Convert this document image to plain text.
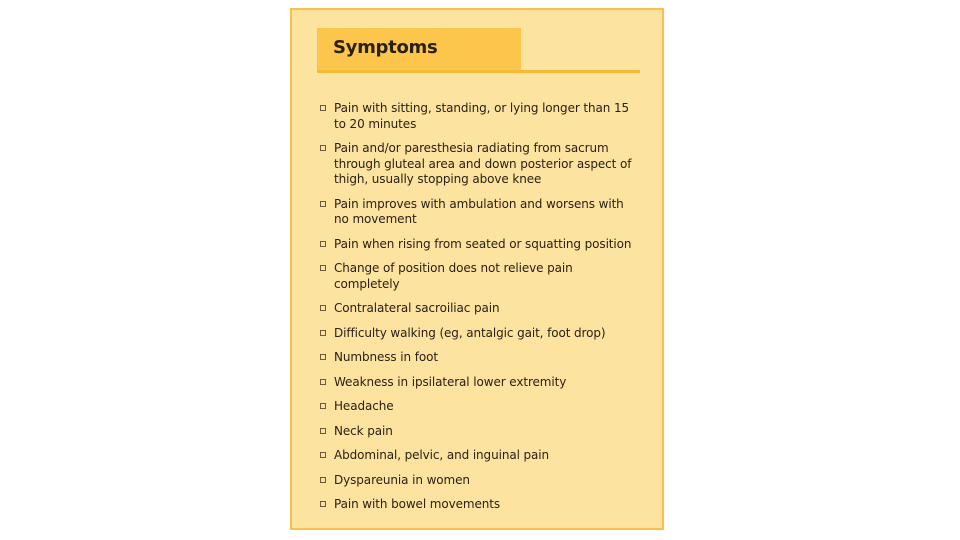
Symptoms
Pain with sitting, standing, or lying longer than 15 to 20 minutes
Pain and/or paresthesia radiating from sacrum through gluteal area and down posterior aspect of thigh, usually stopping above knee
Pain improves with ambulation and worsens with no movement
Pain when rising from seated or squatting position
Change of position does not relieve pain completely
Contralateral sacroiliac pain
Difficulty walking (eg, antalgic gait, foot drop)
Numbness in foot
Weakness in ipsilateral lower extremity
Headache
Neck pain
Abdominal, pelvic, and inguinal pain
Dyspareunia in women
Pain with bowel movements
